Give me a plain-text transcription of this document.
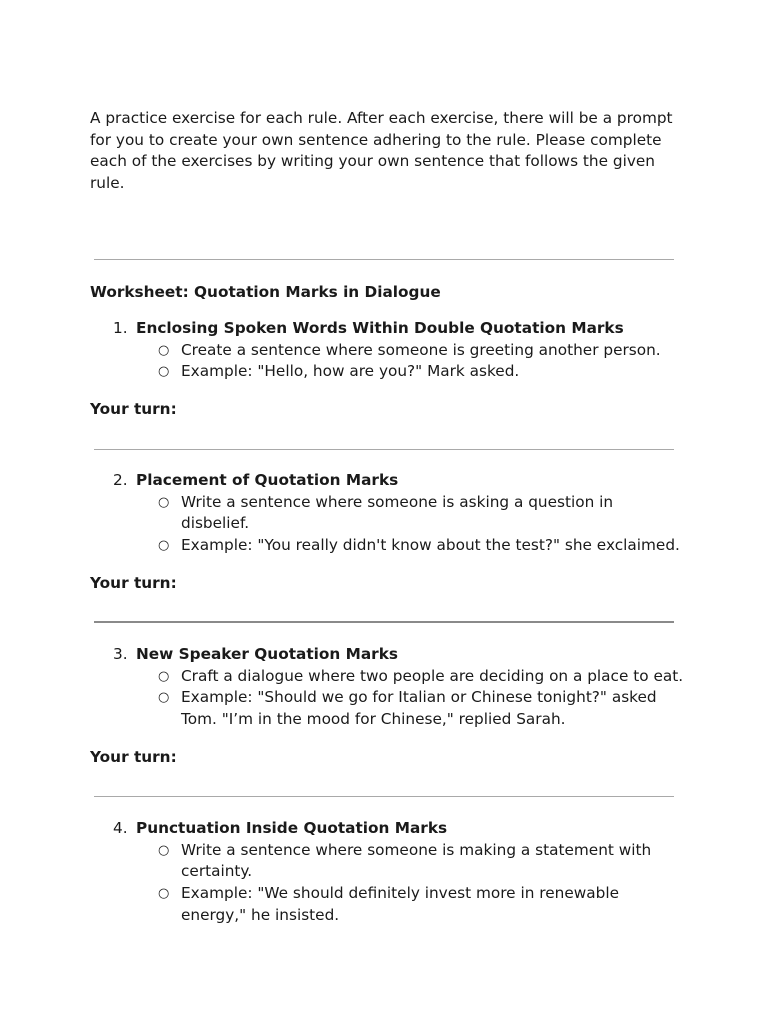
A practice exercise for each rule. After each exercise, there will be a prompt for you to create your own sentence adhering to the rule. Please complete each of the exercises by writing your own sentence that follows the given rule.

Worksheet: Quotation Marks in Dialogue

1. Enclosing Spoken Words Within Double Quotation Marks
○ Create a sentence where someone is greeting another person.
○ Example: "Hello, how are you?" Mark asked.

Your turn:

2. Placement of Quotation Marks
○ Write a sentence where someone is asking a question in disbelief.
○ Example: "You really didn't know about the test?" she exclaimed.

Your turn:

3. New Speaker Quotation Marks
○ Craft a dialogue where two people are deciding on a place to eat.
○ Example: "Should we go for Italian or Chinese tonight?" asked Tom. "I’m in the mood for Chinese," replied Sarah.

Your turn:

4. Punctuation Inside Quotation Marks
○ Write a sentence where someone is making a statement with certainty.
○ Example: "We should definitely invest more in renewable energy," he insisted.
